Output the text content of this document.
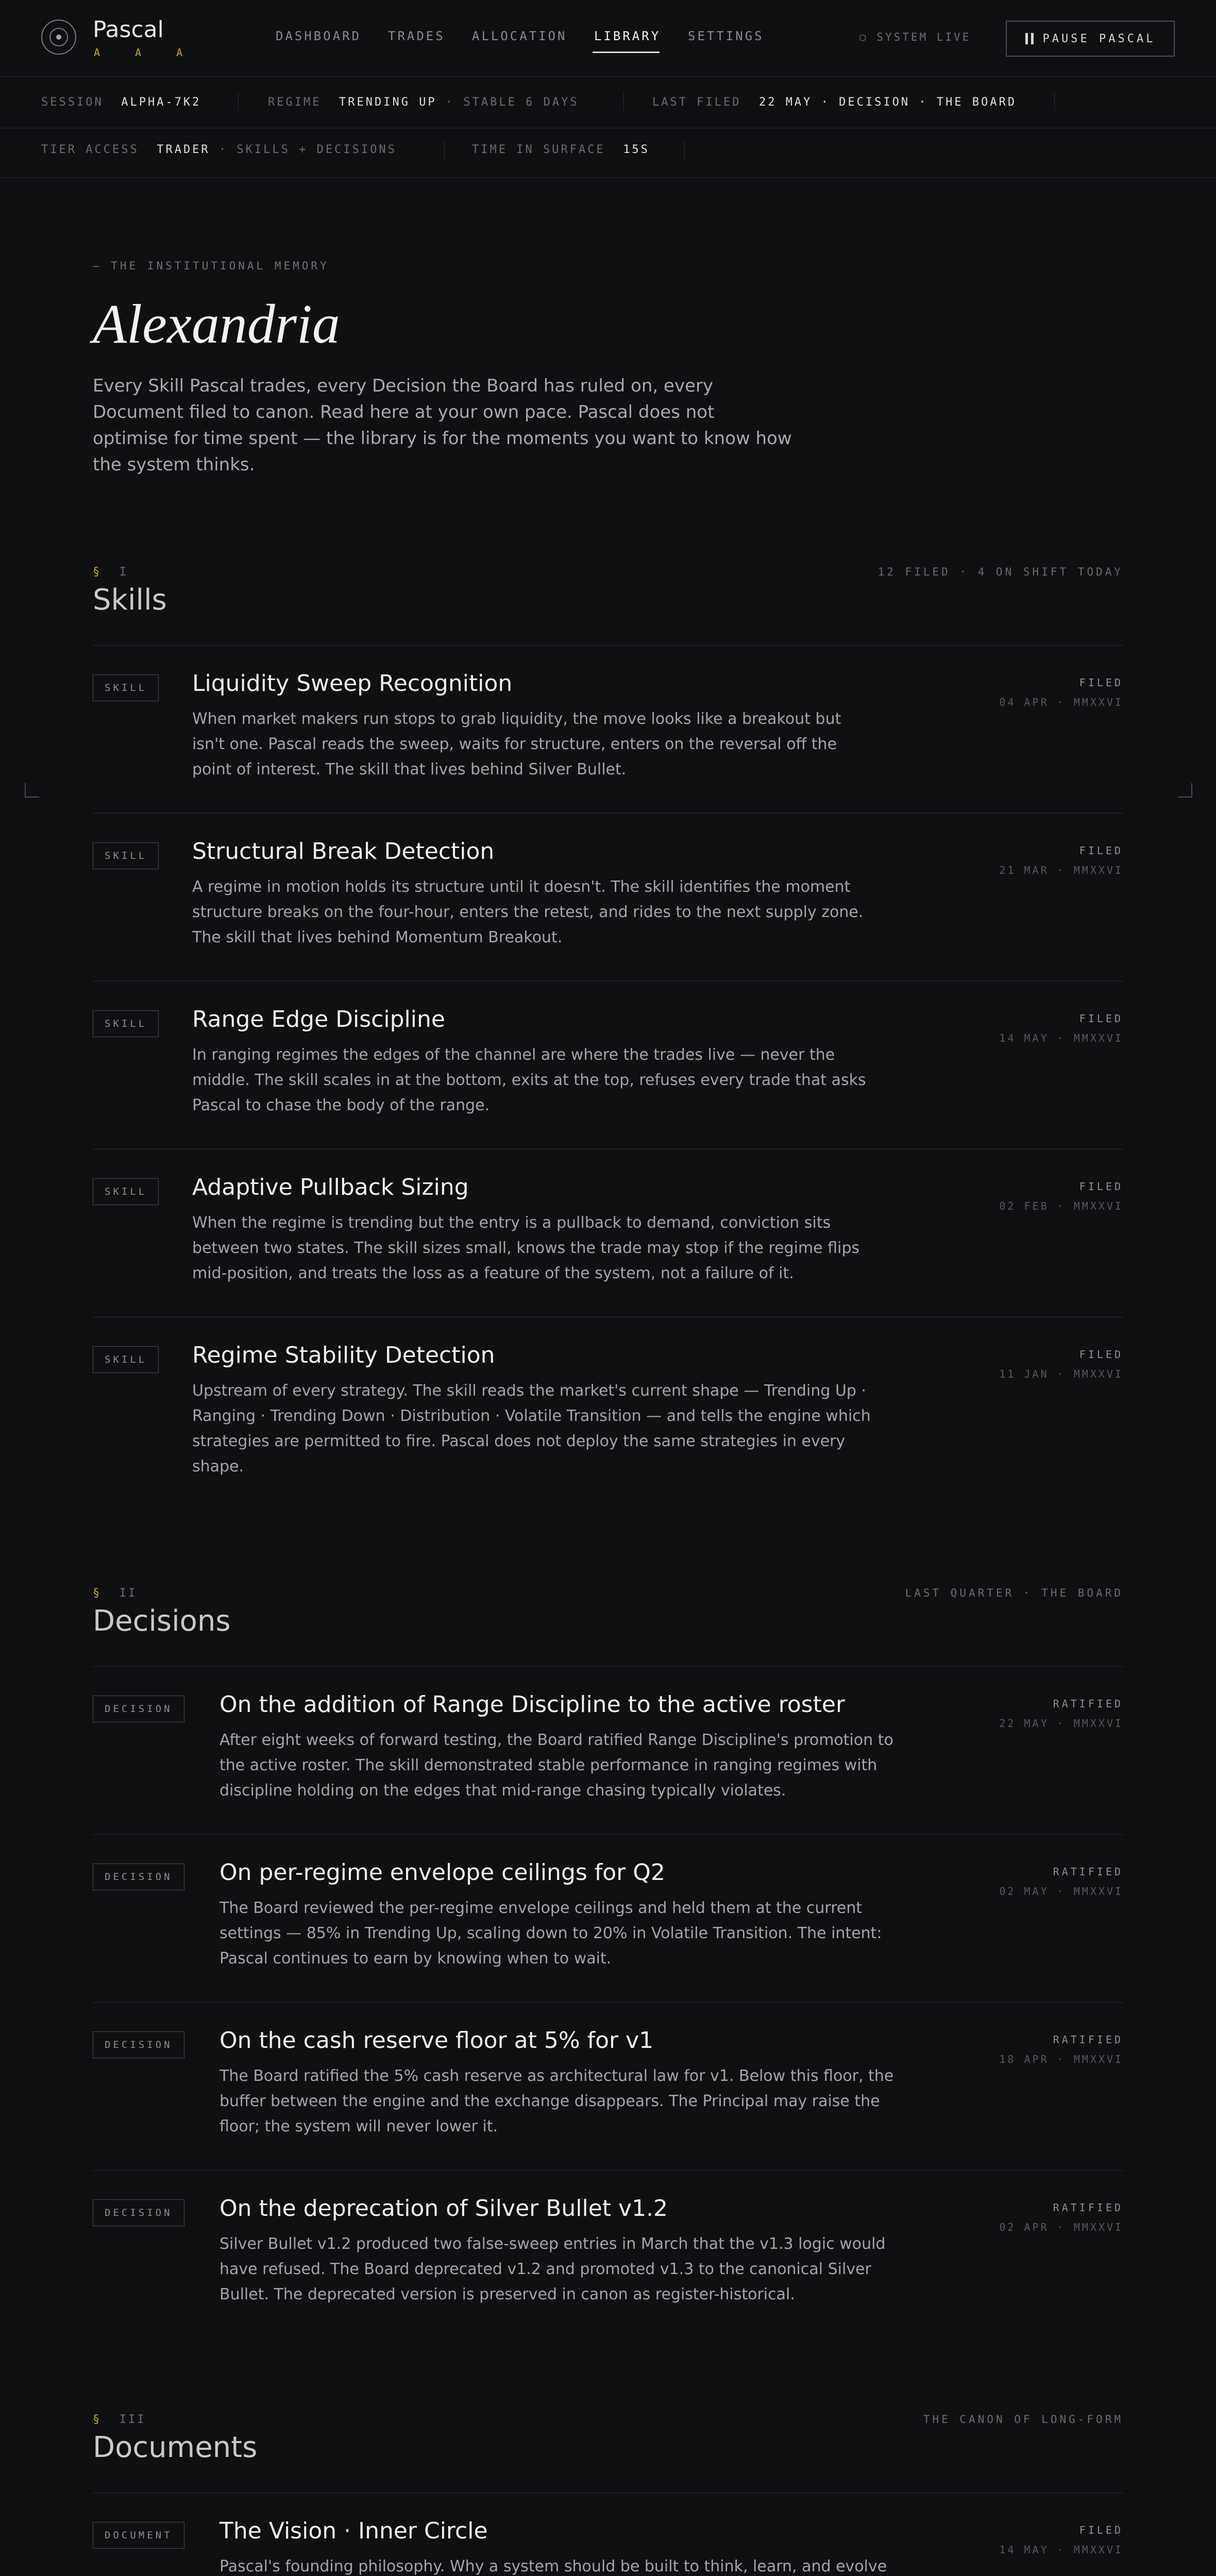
Pascal
A A A
DASHBOARD TRADES ALLOCATION LIBRARY SETTINGS	○ SYSTEM LIVE	PAUSE PASCAL
SESSION ALPHA-7K2	REGIME TRENDING UP · STABLE 6 DAYS	LAST FILED 22 MAY · DECISION · THE BOARD
TIER ACCESS TRADER · SKILLS + DECISIONS	TIME IN SURFACE 15S
— THE INSTITUTIONAL MEMORY
Alexandria
Every Skill Pascal trades, every Decision the Board has ruled on, every Document filed to canon. Read here at your own pace. Pascal does not optimise for time spent — the library is for the moments you want to know how the system thinks.
§ I
Skills
12 FILED · 4 ON SHIFT TODAY
SKILL	Liquidity Sweep Recognition
When market makers run stops to grab liquidity, the move looks like a breakout but isn't one. Pascal reads the sweep, waits for structure, enters on the reversal off the point of interest. The skill that lives behind Silver Bullet.
FILED
04 APR · MMXXVI
SKILL	Structural Break Detection
A regime in motion holds its structure until it doesn't. The skill identifies the moment structure breaks on the four-hour, enters the retest, and rides to the next supply zone. The skill that lives behind Momentum Breakout.
FILED
21 MAR · MMXXVI
SKILL	Range Edge Discipline
In ranging regimes the edges of the channel are where the trades live — never the middle. The skill scales in at the bottom, exits at the top, refuses every trade that asks Pascal to chase the body of the range.
FILED
14 MAY · MMXXVI
SKILL	Adaptive Pullback Sizing
When the regime is trending but the entry is a pullback to demand, conviction sits between two states. The skill sizes small, knows the trade may stop if the regime flips mid-position, and treats the loss as a feature of the system, not a failure of it.
FILED
02 FEB · MMXXVI
SKILL	Regime Stability Detection
Upstream of every strategy. The skill reads the market's current shape — Trending Up · Ranging · Trending Down · Distribution · Volatile Transition — and tells the engine which strategies are permitted to fire. Pascal does not deploy the same strategies in every shape.
FILED
11 JAN · MMXXVI
§ II
Decisions
LAST QUARTER · THE BOARD
DECISION	On the addition of Range Discipline to the active roster
After eight weeks of forward testing, the Board ratified Range Discipline's promotion to the active roster. The skill demonstrated stable performance in ranging regimes with discipline holding on the edges that mid-range chasing typically violates.
RATIFIED
22 MAY · MMXXVI
DECISION	On per-regime envelope ceilings for Q2
The Board reviewed the per-regime envelope ceilings and held them at the current settings — 85% in Trending Up, scaling down to 20% in Volatile Transition. The intent: Pascal continues to earn by knowing when to wait.
RATIFIED
02 MAY · MMXXVI
DECISION	On the cash reserve floor at 5% for v1
The Board ratified the 5% cash reserve as architectural law for v1. Below this floor, the buffer between the engine and the exchange disappears. The Principal may raise the floor; the system will never lower it.
RATIFIED
18 APR · MMXXVI
DECISION	On the deprecation of Silver Bullet v1.2
Silver Bullet v1.2 produced two false-sweep entries in March that the v1.3 logic would have refused. The Board deprecated v1.2 and promoted v1.3 to the canonical Silver Bullet. The deprecated version is preserved in canon as register-historical.
RATIFIED
02 APR · MMXXVI
§ III
Documents
THE CANON OF LONG-FORM
DOCUMENT	The Vision · Inner Circle
Pascal's founding philosophy. Why a system should be built to think, learn, and evolve
FILED
14 MAY · MMXXVI
